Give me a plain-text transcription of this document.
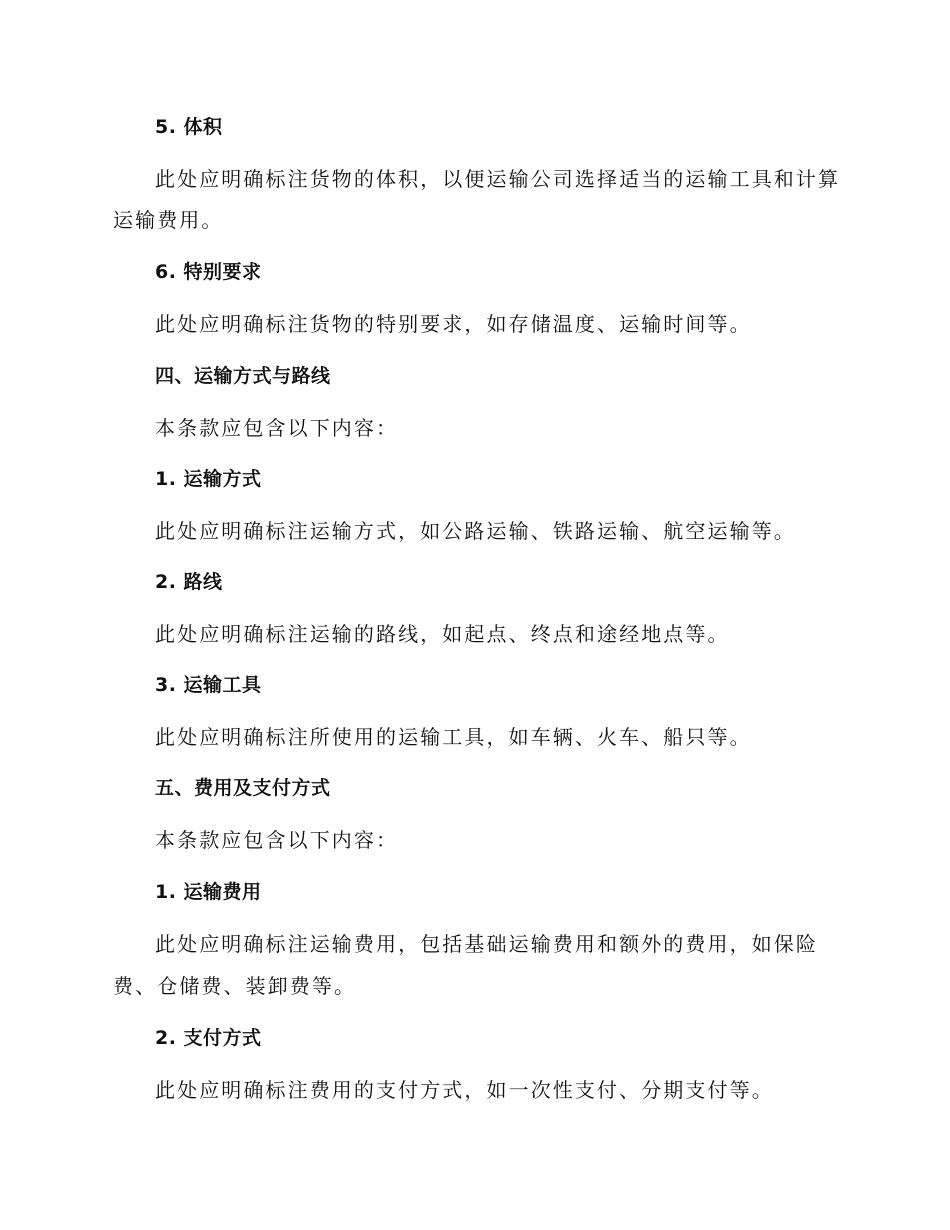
5. 体积

此处应明确标注货物的体积，以便运输公司选择适当的运输工具和计算

运输费用。

6. 特别要求

此处应明确标注货物的特别要求，如存储温度、运输时间等。

四、运输方式与路线

本条款应包含以下内容：

1. 运输方式

此处应明确标注运输方式，如公路运输、铁路运输、航空运输等。

2. 路线

此处应明确标注运输的路线，如起点、终点和途经地点等。

3. 运输工具

此处应明确标注所使用的运输工具，如车辆、火车、船只等。

五、费用及支付方式

本条款应包含以下内容：

1. 运输费用

此处应明确标注运输费用，包括基础运输费用和额外的费用，如保险

费、仓储费、装卸费等。

2. 支付方式

此处应明确标注费用的支付方式，如一次性支付、分期支付等。
